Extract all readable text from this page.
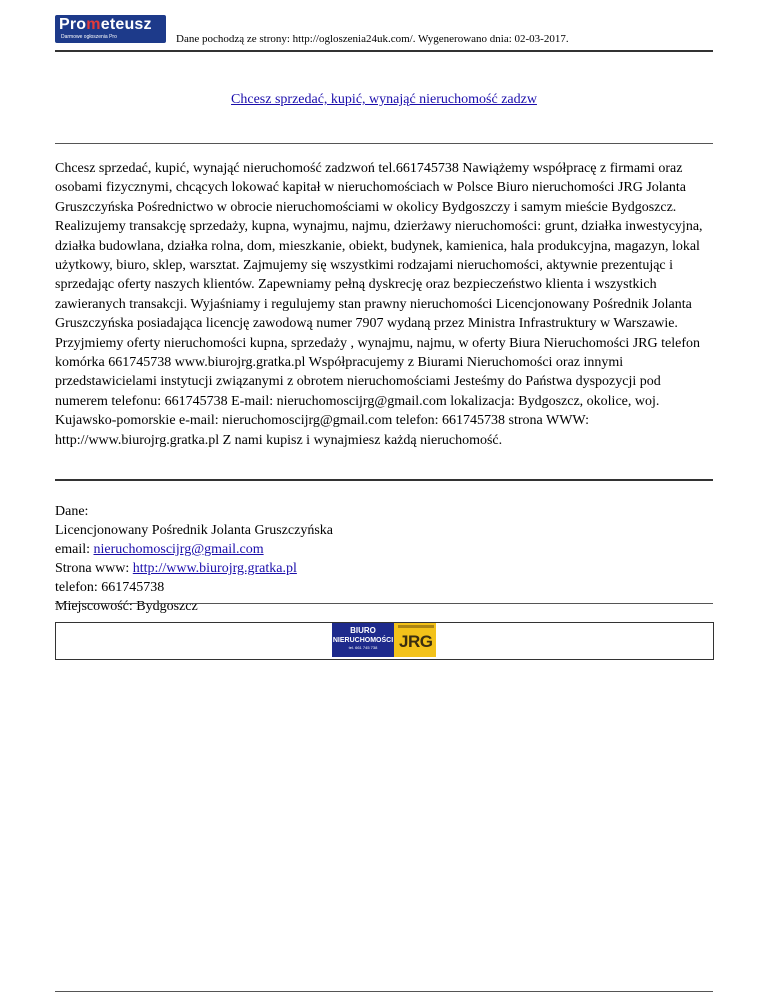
Prometeusz
Darmowe ogłoszenia Pro	Dane pochodzą ze strony: http://ogloszenia24uk.com/. Wygenerowano dnia: 02-03-2017.
Chcesz sprzedać, kupić, wynająć nieruchomość zadzw

Chcesz sprzedać, kupić, wynająć nieruchomość zadzwoń tel.661745738 Nawiążemy współpracę z firmami oraz osobami fizycznymi, chcących lokować kapitał w nieruchomościach w Polsce Biuro nieruchomości JRG Jolanta Gruszczyńska Pośrednictwo w obrocie nieruchomościami w okolicy Bydgoszczy i samym mieście Bydgoszcz. Realizujemy transakcję sprzedaży, kupna, wynajmu, najmu, dzierżawy nieruchomości: grunt, działka inwestycyjna, działka budowlana, działka rolna, dom, mieszkanie, obiekt, budynek, kamienica, hala produkcyjna, magazyn, lokal użytkowy, biuro, sklep, warsztat. Zajmujemy się wszystkimi rodzajami nieruchomości, aktywnie prezentując i sprzedając oferty naszych klientów. Zapewniamy pełną dyskrecję oraz bezpieczeństwo klienta i wszystkich zawieranych transakcji. Wyjaśniamy i regulujemy stan prawny nieruchomości Licencjonowany Pośrednik Jolanta Gruszczyńska posiadająca licencję zawodową numer 7907 wydaną przez Ministra Infrastruktury w Warszawie. Przyjmiemy oferty nieruchomości kupna, sprzedaży , wynajmu, najmu, w oferty Biura Nieruchomości JRG telefon komórka 661745738 www.biurojrg.gratka.pl Współpracujemy z Biurami Nieruchomości oraz innymi przedstawicielami instytucji związanymi z obrotem nieruchomościami Jesteśmy do Państwa dyspozycji pod numerem telefonu: 661745738 E-mail: nieruchomoscijrg@gmail.com lokalizacja: Bydgoszcz, okolice, woj. Kujawsko-pomorskie e-mail: nieruchomoscijrg@gmail.com telefon: 661745738 strona WWW: http://www.biurojrg.gratka.pl Z nami kupisz i wynajmiesz każdą nieruchomość.

Dane:
Licencjonowany Pośrednik Jolanta Gruszczyńska
email: nieruchomoscijrg@gmail.com
Strona www: http://www.biurojrg.gratka.pl
telefon: 661745738
Miejscowość: Bydgoszcz
BIURO
NIERUCHOMOŚCI
tel. 661 745 738	JRG
